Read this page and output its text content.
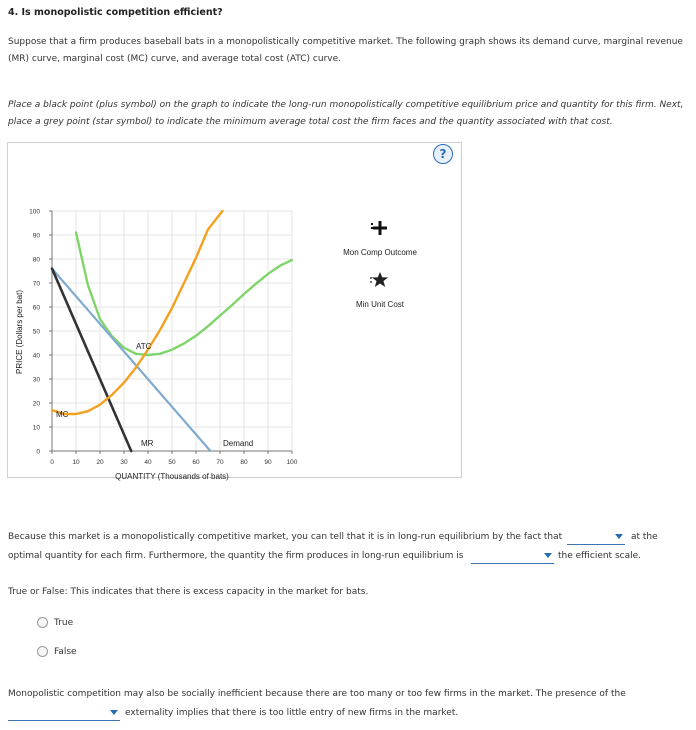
4. Is monopolistic competition efficient?
Suppose that a firm produces baseball bats in a monopolistically competitive market. The following graph shows its demand curve, marginal revenue
(MR) curve, marginal cost (MC) curve, and average total cost (ATC) curve.
Place a black point (plus symbol) on the graph to indicate the long-run monopolistically competitive equilibrium price and quantity for this firm. Next,
place a grey point (star symbol) to indicate the minimum average total cost the firm faces and the quantity associated with that cost.
?
0
10
20
30
40
50
60
70
80
90
100
0	10	20	30	40	50	60	70	80	90 100
PRICE (Dollars per bat)
QUANTITY (Thousands of bats)
ATC
MC
MR	Demand
Mon Comp Outcome
Min Unit Cost
Because this market is a monopolistically competitive market, you can tell that it is in long-run equilibrium by the fact that	at the
optimal quantity for each firm. Furthermore, the quantity the firm produces in long-run equilibrium is	the efficient scale.
True or False: This indicates that there is excess capacity in the market for bats.
True
False
Monopolistic competition may also be socially inefficient because there are too many or too few firms in the market. The presence of the
externality implies that there is too little entry of new firms in the market.
